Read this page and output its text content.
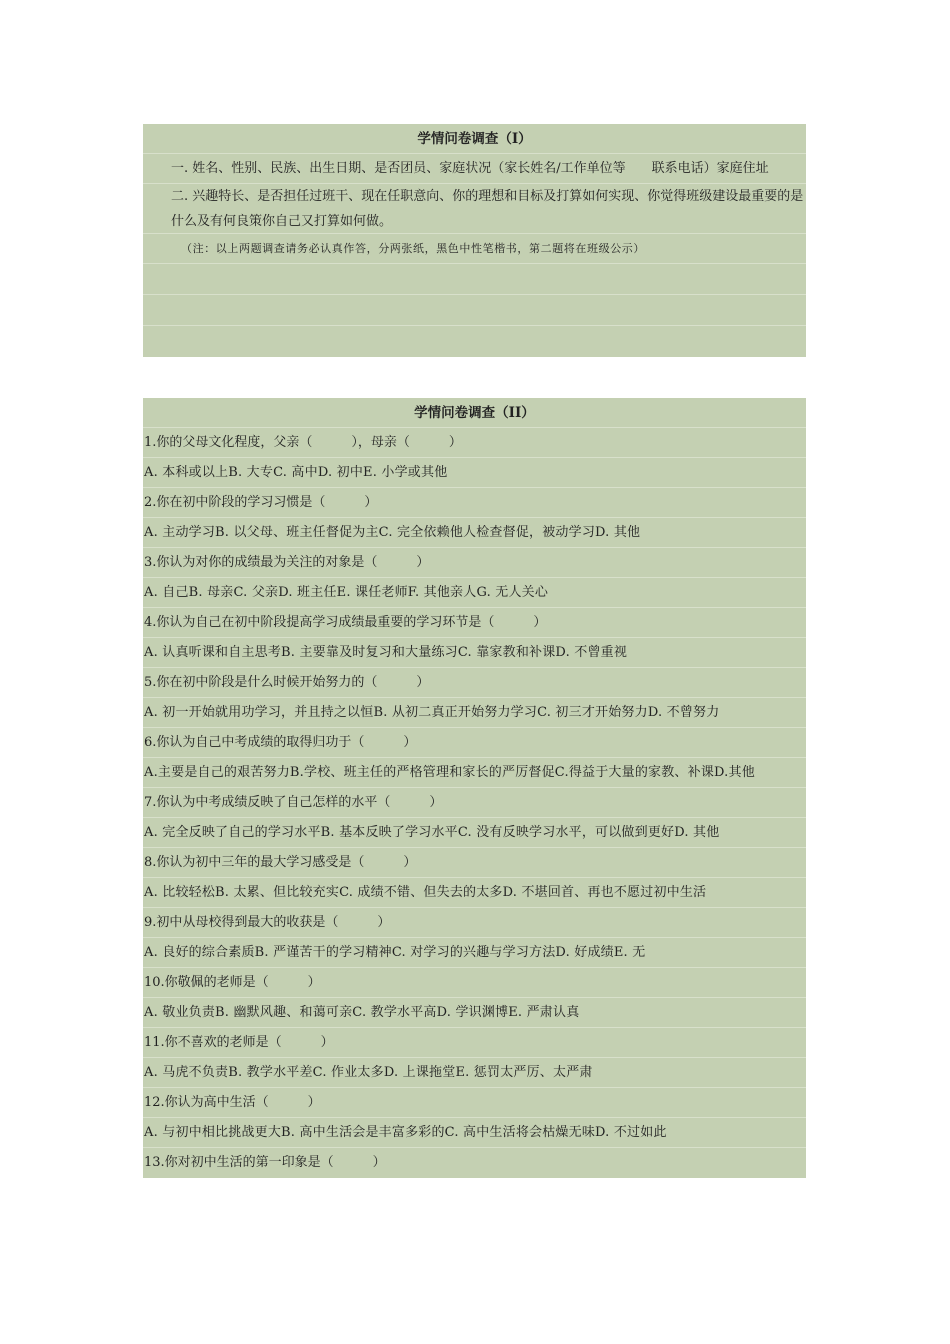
学情问卷调查（I）
一. 姓名、性别、民族、出生日期、是否团员、家庭状况（家长姓名/工作单位等　　联系电话）家庭住址
二. 兴趣特长、是否担任过班干、现在任职意向、你的理想和目标及打算如何实现、你觉得班级建设最重要的是什么及有何良策你自己又打算如何做。
（注：以上两题调查请务必认真作答，分两张纸，黑色中性笔楷书，第二题将在班级公示）
学情问卷调查（II）
1.你的父母文化程度，父亲（　　　），母亲（　　　）
A. 本科或以上B. 大专C. 高中D. 初中E. 小学或其他
2.你在初中阶段的学习习惯是（　　　）
A. 主动学习B. 以父母、班主任督促为主C. 完全依赖他人检查督促，被动学习D. 其他
3.你认为对你的成绩最为关注的对象是（　　　）
A. 自己B. 母亲C. 父亲D. 班主任E. 课任老师F. 其他亲人G. 无人关心
4.你认为自己在初中阶段提高学习成绩最重要的学习环节是（　　　）
A. 认真听课和自主思考B. 主要靠及时复习和大量练习C. 靠家教和补课D. 不曾重视
5.你在初中阶段是什么时候开始努力的（　　　）
A. 初一开始就用功学习，并且持之以恒B. 从初二真正开始努力学习C. 初三才开始努力D. 不曾努力
6.你认为自己中考成绩的取得归功于（　　　）
A.主要是自己的艰苦努力B.学校、班主任的严格管理和家长的严厉督促C.得益于大量的家教、补课D.其他
7.你认为中考成绩反映了自己怎样的水平（　　　）
A. 完全反映了自己的学习水平B. 基本反映了学习水平C. 没有反映学习水平，可以做到更好D. 其他
8.你认为初中三年的最大学习感受是（　　　）
A. 比较轻松B. 太累、但比较充实C. 成绩不错、但失去的太多D. 不堪回首、再也不愿过初中生活
9.初中从母校得到最大的收获是（　　　）
A. 良好的综合素质B. 严谨苦干的学习精神C. 对学习的兴趣与学习方法D. 好成绩E. 无
10.你敬佩的老师是（　　　）
A. 敬业负责B. 幽默风趣、和蔼可亲C. 教学水平高D. 学识渊博E. 严肃认真
11.你不喜欢的老师是（　　　）
A. 马虎不负责B. 教学水平差C. 作业太多D. 上课拖堂E. 惩罚太严厉、太严肃
12.你认为高中生活（　　　）
A. 与初中相比挑战更大B. 高中生活会是丰富多彩的C. 高中生活将会枯燥无味D. 不过如此
13.你对初中生活的第一印象是（　　　）
